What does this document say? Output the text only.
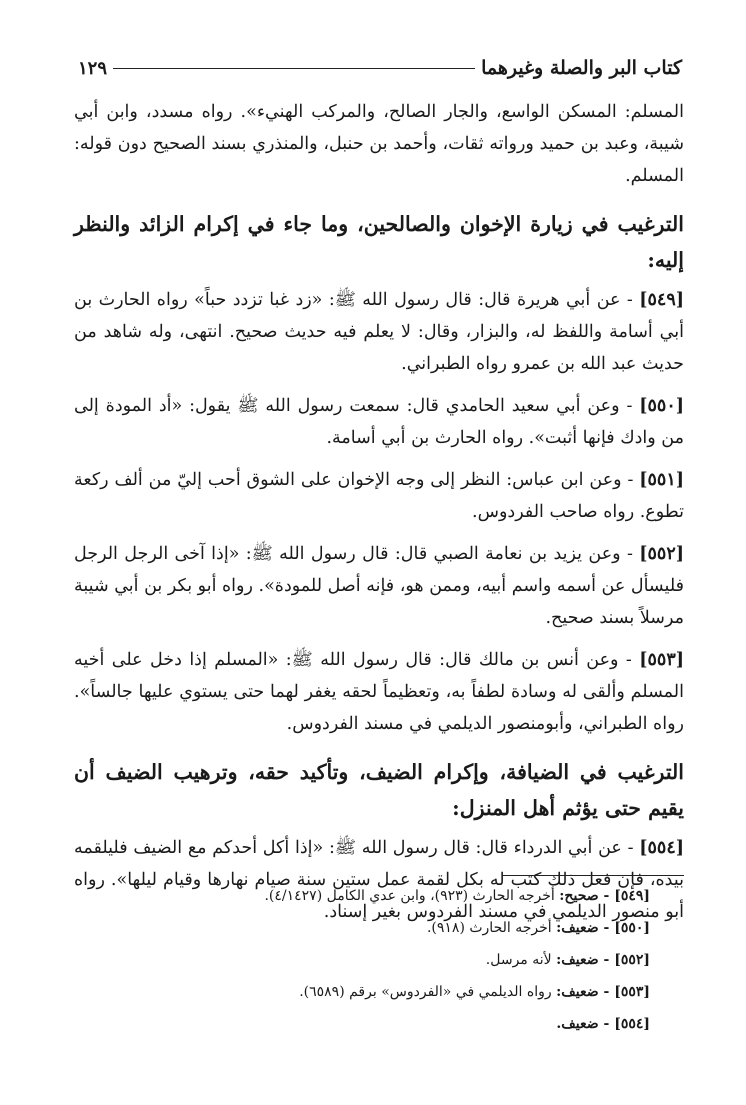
كتاب البر والصلة وغيرهما
١٢٩

المسلم: المسكن الواسع، والجار الصالح، والمركب الهنيء». رواه مسدد، وابن أبي شيبة، وعبد بن حميد ورواته ثقات، وأحمد بن حنبل، والمنذري بسند الصحيح دون قوله: المسلم.

الترغيب في زيارة الإخوان والصالحين، وما جاء في إكرام الزائد والنظر إليه:

[٥٤٩] - عن أبي هريرة قال: قال رسول الله ﷺ: «زد غبا تزدد حباً» رواه الحارث بن أبي أسامة واللفظ له، والبزار، وقال: لا يعلم فيه حديث صحيح. انتهى، وله شاهد من حديث عبد الله بن عمرو رواه الطبراني.

[٥٥٠] - وعن أبي سعيد الحامدي قال: سمعت رسول الله ﷺ يقول: «أد المودة إلى من وادك فإنها أثبت». رواه الحارث بن أبي أسامة.

[٥٥١] - وعن ابن عباس: النظر إلى وجه الإخوان على الشوق أحب إليّ من ألف ركعة تطوع. رواه صاحب الفردوس.

[٥٥٢] - وعن يزيد بن نعامة الصبي قال: قال رسول الله ﷺ: «إذا آخى الرجل الرجل فليسأل عن أسمه واسم أبيه، وممن هو، فإنه أصل للمودة». رواه أبو بكر بن أبي شيبة مرسلاً بسند صحيح.

[٥٥٣] - وعن أنس بن مالك قال: قال رسول الله ﷺ: «المسلم إذا دخل على أخيه المسلم وألقى له وسادة لطفاً به، وتعظيماً لحقه يغفر لهما حتى يستوي عليها جالساً». رواه الطبراني، وأبومنصور الديلمي في مسند الفردوس.

الترغيب في الضيافة، وإكرام الضيف، وتأكيد حقه، وترهيب الضيف أن يقيم حتى يؤثم أهل المنزل:

[٥٥٤] - عن أبي الدرداء قال: قال رسول الله ﷺ: «إذا أكل أحدكم مع الضيف فليلقمه بيده، فإن فعل ذلك كتب له بكل لقمة عمل ستين سنة صيام نهارها وقيام ليلها». رواه أبو منصور الديلمي في مسند الفردوس بغير إسناد.

[٥٤٩] - صحيح: أخرجه الحارث (٩٢٣)، وابن عدي الكامل (٤/١٤٢٧).

[٥٥٠] - ضعيف: أخرجه الحارث (٩١٨).

[٥٥٢] - ضعيف: لأنه مرسل.

[٥٥٣] - ضعيف: رواه الديلمي في «الفردوس» برقم (٦٥٨٩).

[٥٥٤] - ضعيف.
